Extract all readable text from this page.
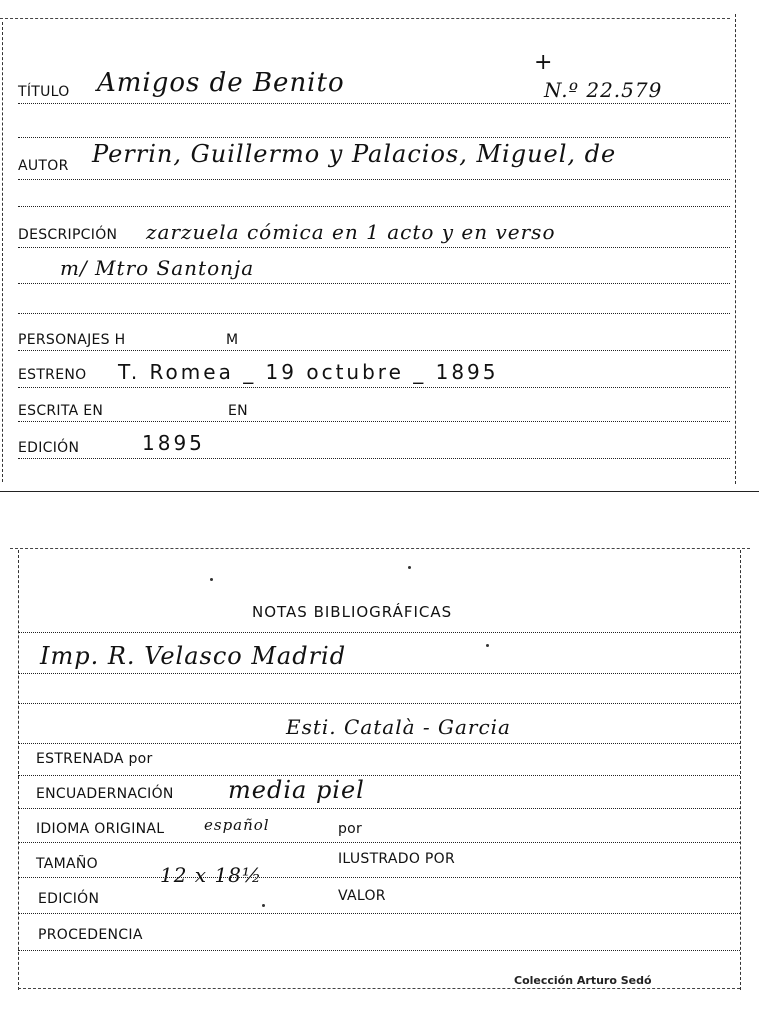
TÍTULO Amigos de Benito
+
N.º 22.579
AUTOR Perrin, Guillermo y Palacios, Miguel, de
DESCRIPCIÓN zarzuela cómica en 1 acto y en verso
m/ Mtro Santonja
PERSONAJES H	M
ESTRENO T. Romea _ 19 octubre _ 1895
ESCRITA EN	EN
EDICIÓN	1895
NOTAS BIBLIOGRÁFICAS
Imp. R. Velasco Madrid
Esti. Català - Garcia
ESTRENADA por
ENCUADERNACIÓN media piel
IDIOMA ORIGINAL	español	por
TAMAÑO	12 x 18½
ILUSTRADO POR
EDICIÓN	VALOR
PROCEDENCIA
Colección Arturo Sedó
